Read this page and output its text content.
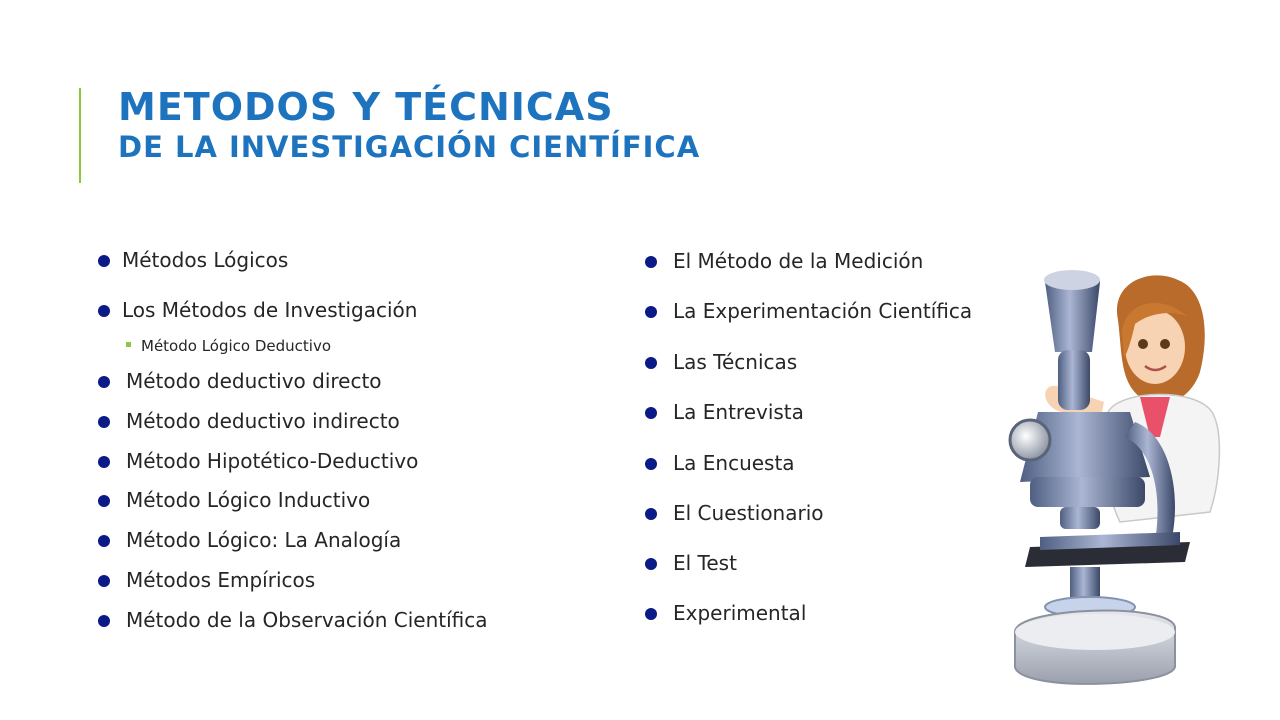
METODOS Y TÉCNICAS
DE LA INVESTIGACIÓN CIENTÍFICA
Métodos Lógicos
Los Métodos de Investigación
Método Lógico Deductivo
Método deductivo directo
Método deductivo indirecto
Método Hipotético-Deductivo
Método Lógico Inductivo
Método Lógico: La Analogía
Métodos Empíricos
Método de la Observación Científica
El Método de la Medición
La Experimentación Científica
Las Técnicas
La Entrevista
La Encuesta
El Cuestionario
El Test
Experimental
